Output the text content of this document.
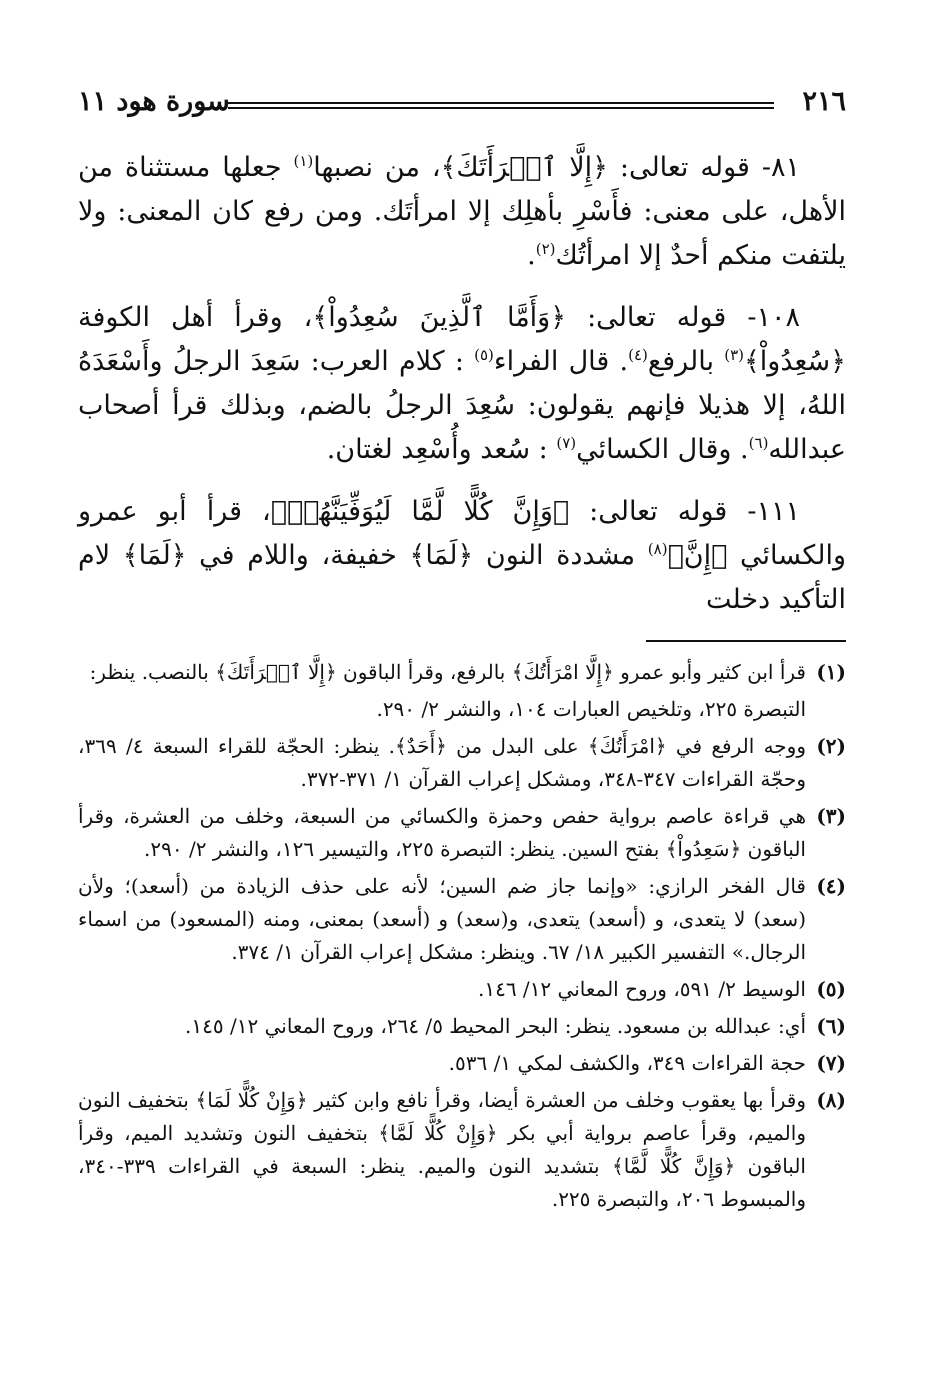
٢١٦
سورة هود ١١

٨١- قوله تعالى: ﴿إِلَّا ٱمۡرَأَتَكَ﴾، من نصبها$^{(١)}$ جعلها مستثناة من الأهل، على معنى: فأَسْرِ بأهلِك إلا امرأتَك. ومن رفع كان المعنى: ولا يلتفت منكم أحدٌ إلا امرأتُك$^{(٢)}$.

١٠٨- قوله تعالى: ﴿وَأَمَّا ٱلَّذِينَ سُعِدُواْ﴾، وقرأ أهل الكوفة ﴿سُعِدُواْ﴾$^{(٣)}$ بالرفع$^{(٤)}$. قال الفراء$^{(٥)}$ : كلام العرب: سَعِدَ الرجلُ وأَسْعَدَهُ اللهُ، إلا هذيلا فإنهم يقولون: سُعِدَ الرجلُ بالضم، وبذلك قرأ أصحاب عبدالله$^{(٦)}$. وقال الكسائي$^{(٧)}$ : سُعد وأُسْعِد لغتان.

١١١- قوله تعالى: ﴿وَإِنَّ كُلًّا لَّمَّا لَيُوَفِّيَنَّهُمۡ﴾، قرأ أبو عمرو والكسائي ﴿إِنَّ﴾$^{(٨)}$ مشددة النون ﴿لَمَا﴾ خفيفة، واللام في ﴿لَمَا﴾ لام التأكيد دخلت

(١)
قرأ ابن كثير وأبو عمرو ﴿إِلَّا امْرَأَتُكَ﴾ بالرفع، وقرأ الباقون ﴿إِلَّا ٱمۡرَأَتَكَ﴾ بالنصب. ينظر:
التبصرة ٢٢٥، وتلخيص العبارات ١٠٤، والنشر ٢/ ٢٩٠.
(٢)
ووجه الرفع في ﴿امْرَأَتُكَ﴾ على البدل من ﴿أَحَدٌ﴾. ينظر: الحجّة للقراء السبعة ٤/ ٣٦٩، وحجّة القراءات ٣٤٧-٣٤٨، ومشكل إعراب القرآن ١/ ٣٧١-٣٧٢.
(٣)
هي قراءة عاصم برواية حفص وحمزة والكسائي من السبعة، وخلف من العشرة، وقرأ الباقون ﴿سَعِدُواْ﴾ بفتح السين. ينظر: التبصرة ٢٢٥، والتيسير ١٢٦، والنشر ٢/ ٢٩٠.
(٤)
قال الفخر الرازي: «وإنما جاز ضم السين؛ لأنه على حذف الزيادة من (أسعد)؛ ولأن (سعد) لا يتعدى، و (أسعد) يتعدى، و(سعد) و (أسعد) بمعنى، ومنه (المسعود) من اسماء الرجال.» التفسير الكبير ١٨/ ٦٧. وينظر: مشكل إعراب القرآن ١/ ٣٧٤.
(٥)
الوسيط ٢/ ٥٩١، وروح المعاني ١٢/ ١٤٦.
(٦)
أي: عبدالله بن مسعود. ينظر: البحر المحيط ٥/ ٢٦٤، وروح المعاني ١٢/ ١٤٥.
(٧)
حجة القراءات ٣٤٩، والكشف لمكي ١/ ٥٣٦.
(٨)
وقرأ بها يعقوب وخلف من العشرة أيضا، وقرأ نافع وابن كثير ﴿وَإِنْ كُلًّا لَمَا﴾ بتخفيف النون والميم، وقرأ عاصم برواية أبي بكر ﴿وَإِنْ كُلًّا لَمَّا﴾ بتخفيف النون وتشديد الميم، وقرأ الباقون ﴿وَإِنَّ كُلًّا لَّمَّا﴾ بتشديد النون والميم. ينظر: السبعة في القراءات ٣٣٩-٣٤٠، والمبسوط ٢٠٦، والتبصرة ٢٢٥.
